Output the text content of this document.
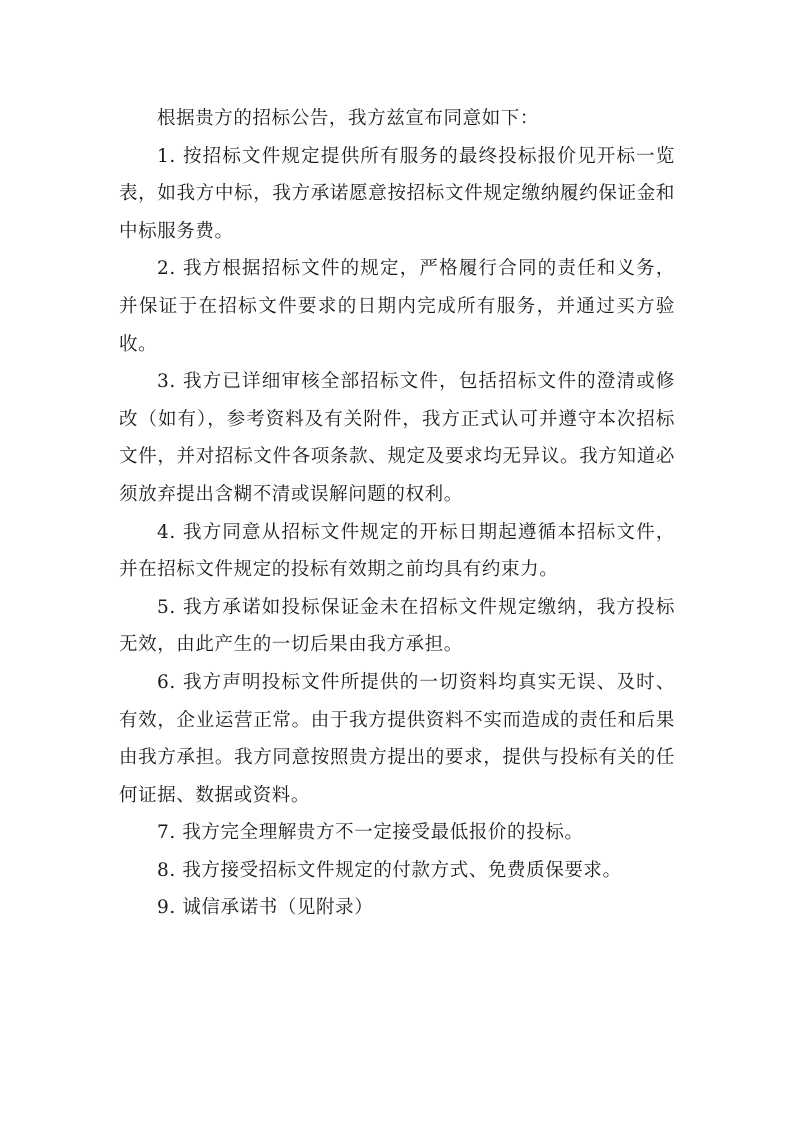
根据贵方的招标公告，我方兹宣布同意如下：

1. 按招标文件规定提供所有服务的最终投标报价见开标一览表，如我方中标，我方承诺愿意按招标文件规定缴纳履约保证金和中标服务费。

2. 我方根据招标文件的规定，严格履行合同的责任和义务，并保证于在招标文件要求的日期内完成所有服务，并通过买方验收。

3. 我方已详细审核全部招标文件，包括招标文件的澄清或修改（如有），参考资料及有关附件，我方正式认可并遵守本次招标文件，并对招标文件各项条款、规定及要求均无异议。我方知道必须放弃提出含糊不清或误解问题的权利。

4. 我方同意从招标文件规定的开标日期起遵循本招标文件，并在招标文件规定的投标有效期之前均具有约束力。

5. 我方承诺如投标保证金未在招标文件规定缴纳，我方投标无效，由此产生的一切后果由我方承担。

6. 我方声明投标文件所提供的一切资料均真实无误、及时、有效，企业运营正常。由于我方提供资料不实而造成的责任和后果由我方承担。我方同意按照贵方提出的要求，提供与投标有关的任何证据、数据或资料。

7. 我方完全理解贵方不一定接受最低报价的投标。

8. 我方接受招标文件规定的付款方式、免费质保要求。

9. 诚信承诺书（见附录）
